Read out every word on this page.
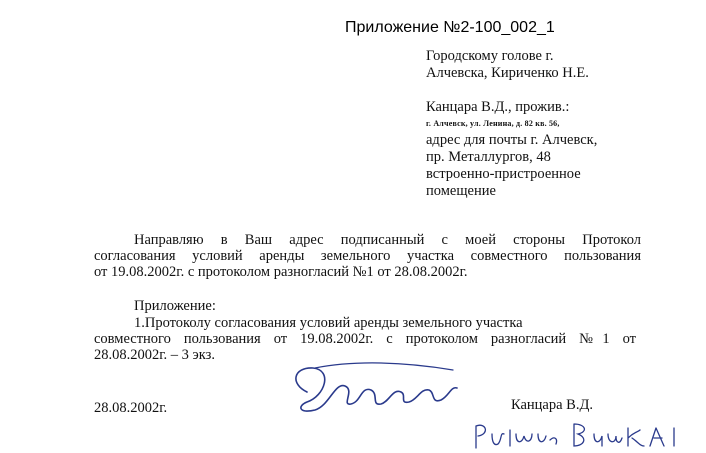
Приложение №2-100_002_1
Городскому голове г.
Алчевска, Кириченко Н.Е.
Канцара В.Д., прожив.:
г. Алчевск, ул. Ленина, д. 82 кв. 56,
адрес для почты г. Алчевск,
пр. Металлургов, 48
встроенно-пристроенное
помещение
Направляю в Ваш адрес подписанный с моей стороны Протокол
согласования условий аренды земельного участка совместного пользования
от 19.08.2002г. с протоколом разногласий №1 от 28.08.2002г.
Приложение:
1.Протоколу согласования условий аренды земельного участка
совместного пользования от 19.08.2002г. с протоколом разногласий №1 от
28.08.2002г. – 3 экз.
28.08.2002г.	Канцара В.Д.
